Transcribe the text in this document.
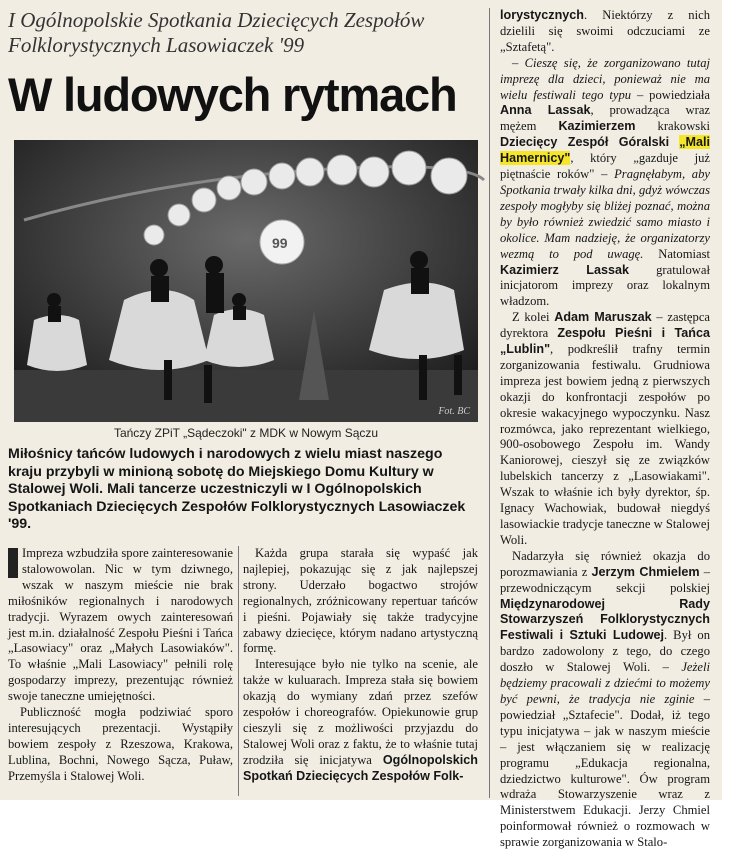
I Ogólnopolskie Spotkania Dziecięcych Zespołów Folklorystycznych Lasowiaczek '99
W ludowych rytmach
99
Fot. BC
Tańczy ZPiT „Sądeczoki" z MDK w Nowym Sączu

Miłośnicy tańców ludowych i narodowych z wielu miast naszego kraju przybyli w minioną sobotę do Miejskiego Domu Kultury w Stalowej Woli. Mali tancerze uczestniczyli w I Ogólnopolskich Spotkaniach Dziecięcych Zespołów Folklorystycznych Lasowiaczek '99.

Impreza wzbudziła spore zainteresowanie stalowowolan. Nic w tym dziwnego, wszak w naszym mieście nie brak miłośników regionalnych i narodowych tradycji. Wyrazem owych zainteresowań jest m.in. działalność Zespołu Pieśni i Tańca „Lasowiacy" oraz „Małych Lasowiaków". To właśnie „Mali Lasowiacy" pełnili rolę gospodarzy imprezy, prezentując również swoje taneczne umiejętności.

Publiczność mogła podziwiać sporo interesujących prezentacji. Wystąpiły bowiem zespoły z Rzeszowa, Krakowa, Lublina, Bochni, Nowego Sącza, Puław, Przemyśla i Stalowej Woli.

Każda grupa starała się wypaść jak najlepiej, pokazując się z jak najlepszej strony. Uderzało bogactwo strojów regionalnych, zróżnicowany repertuar tańców i pieśni. Pojawiały się także tradycyjne zabawy dziecięce, którym nadano artystyczną formę.

Interesujące było nie tylko na scenie, ale także w kuluarach. Impreza stała się bowiem okazją do wymiany zdań przez szefów zespołów i choreografów. Opiekunowie grup cieszyli się z możliwości przyjazdu do Stalowej Woli oraz z faktu, że to właśnie tutaj zrodziła się inicjatywa Ogólnopolskich Spotkań Dziecięcych Zespołów Folk-

lorystycznych. Niektórzy z nich dzielili się swoimi odczuciami ze „Sztafetą".

– Cieszę się, że zorganizowano tutaj imprezę dla dzieci, ponieważ nie ma wielu festiwali tego typu – powiedziała Anna Lassak, prowadząca wraz mężem Kazimierzem krakowski Dziecięcy Zespół Góralski „Mali Hamernicy", który „gazduje już piętnaście roków" – Pragnęłabym, aby Spotkania trwały kilka dni, gdyż wówczas zespoły mogłyby się bliżej poznać, można by było również zwiedzić samo miasto i okolice. Mam nadzieję, że organizatorzy wezmą to pod uwagę. Natomiast Kazimierz Lassak gratulował inicjatorom imprezy oraz lokalnym władzom.

Z kolei Adam Maruszak – zastępca dyrektora Zespołu Pieśni i Tańca „Lublin", podkreślił trafny termin zorganizowania festiwalu. Grudniowa impreza jest bowiem jedną z pierwszych okazji do konfrontacji zespołów po okresie wakacyjnego wypoczynku. Nasz rozmówca, jako reprezentant wielkiego, 900-osobowego Zespołu im. Wandy Kaniorowej, cieszył się ze związków lubelskich tancerzy z „Lasowiakami". Wszak to właśnie ich były dyrektor, śp. Ignacy Wachowiak, budował niegdyś lasowiackie tradycje taneczne w Stalowej Woli.

Nadarzyła się również okazja do porozmawiania z Jerzym Chmielem – przewodniczącym sekcji polskiej Międzynarodowej Rady Stowarzyszeń Folklorystycznych Festiwali i Sztuki Ludowej. Był on bardzo zadowolony z tego, do czego doszło w Stalowej Woli. – Jeżeli będziemy pracowali z dziećmi to możemy być pewni, że tradycja nie zginie – powiedział „Sztafecie". Dodał, iż tego typu inicjatywa – jak w naszym mieście – jest włączaniem się w realizację programu „Edukacja regionalna, dziedzictwo kulturowe". Ów program wdraża Stowarzyszenie wraz z Ministerstwem Edukacji. Jerzy Chmiel poinformował również o rozmowach w sprawie zorganizowania w Stalo-
